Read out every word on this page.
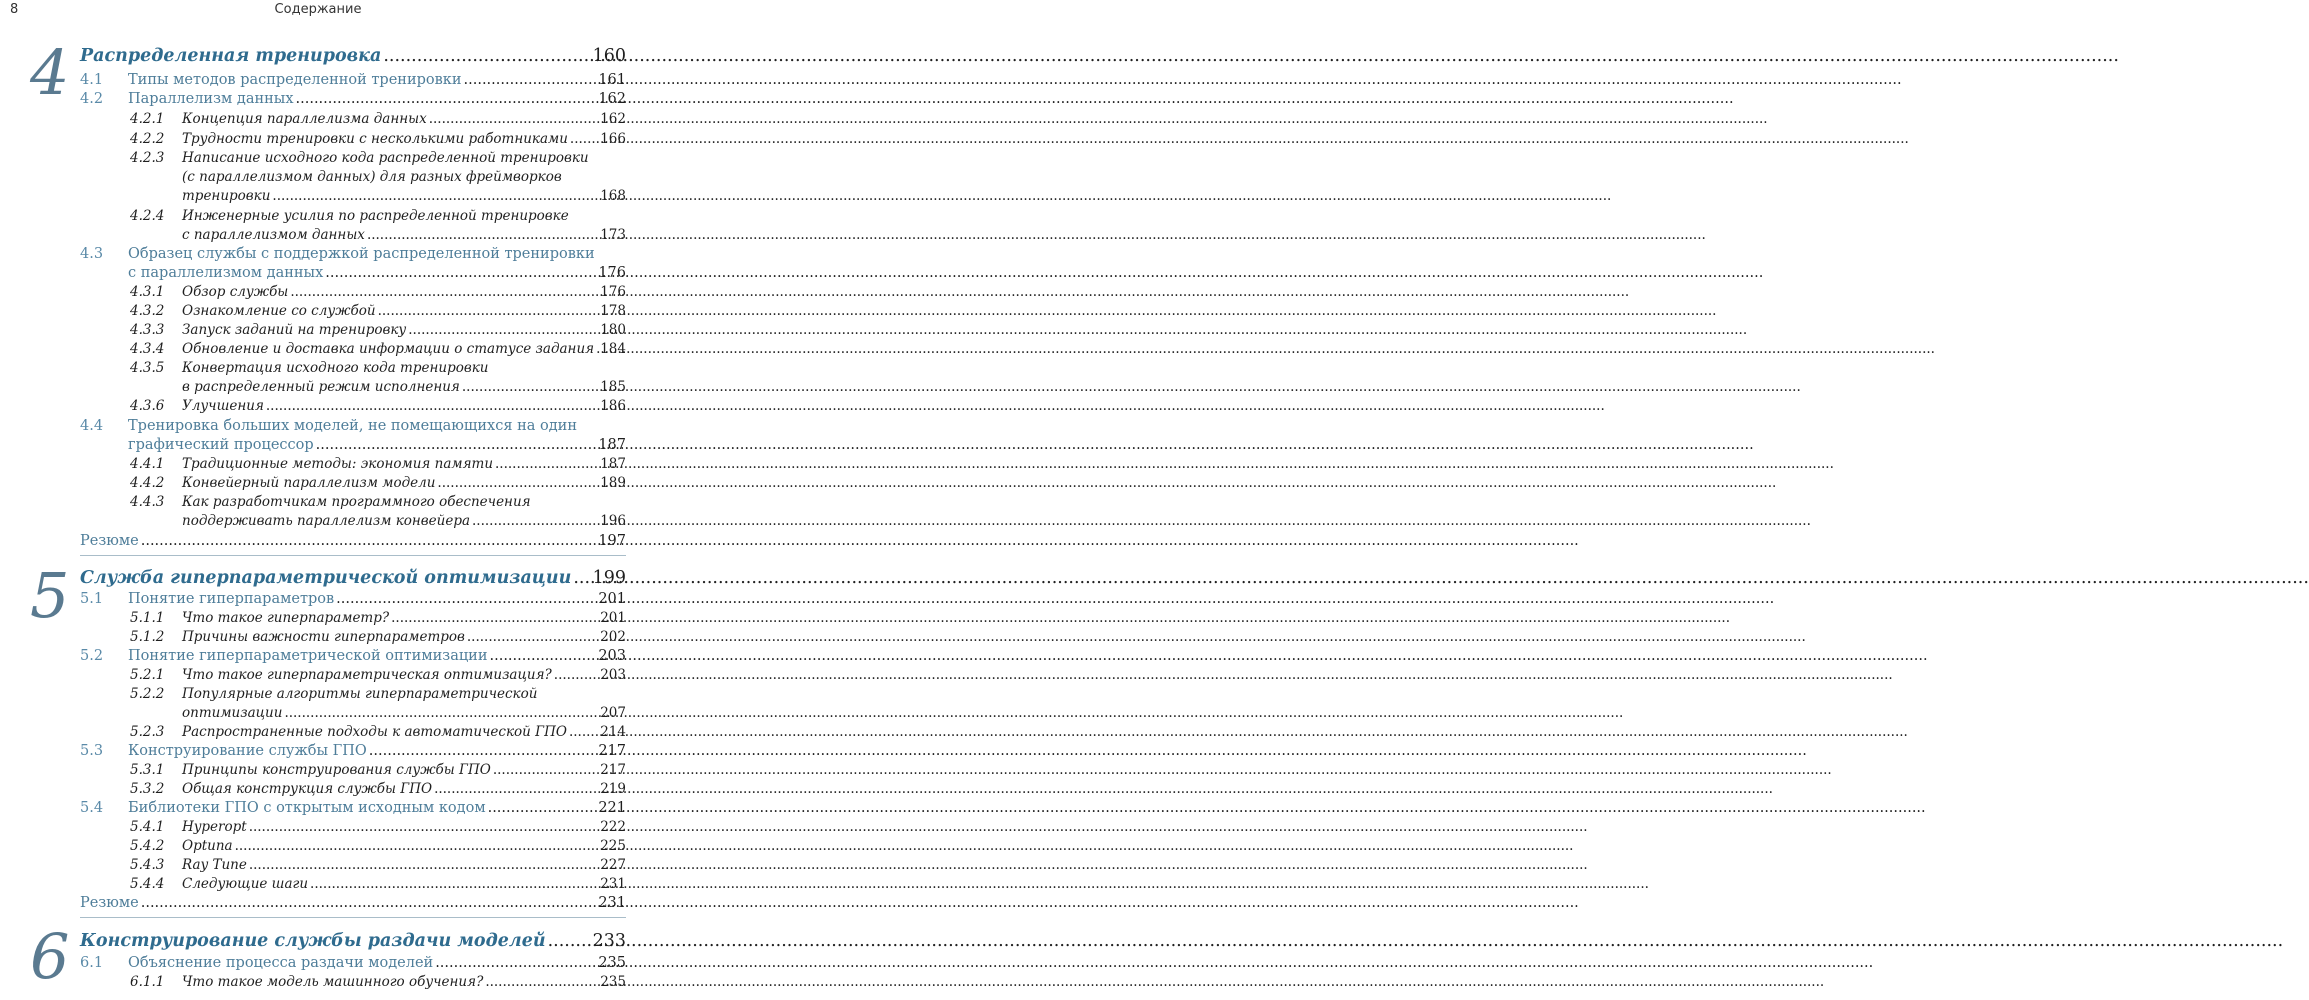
8	Содержание
4 Распределенная тренировка .....	160
4.1 Типы методов распределенной тренировки .....	161
4.2 Параллелизм данных .....	162
4.2.1 Концепция параллелизма данных .....	162
4.2.2 Трудности тренировки с несколькими работниками ..... 166
4.2.3 Написание исходного кода распределенной тренировки
(с параллелизмом данных) для разных фреймворков
тренировки .....	168
4.2.4 Инженерные усилия по распределенной тренировке
с параллелизмом данных .....	173
4.3 Образец службы с поддержкой распределенной тренировки
с параллелизмом данных .....	176
4.3.1 Обзор службы .....	176
4.3.2 Ознакомление со службой .....	178
4.3.3 Запуск заданий на тренировку .....	180
4.3.4 Обновление и доставка информации о статусе задания ..... 184
4.3.5 Конвертация исходного кода тренировки
в распределенный режим исполнения .....	185
4.3.6 Улучшения .....	186
4.4 Тренировка больших моделей, не помещающихся на один
графический процессор .....	187
4.4.1 Традиционные методы: экономия памяти .....	187
4.4.2 Конвейерный параллелизм модели .....	189
4.4.3 Как разработчикам программного обеспечения
поддерживать параллелизм конвейера .....	196
Резюме .....	197
5 Служба гиперпараметрической оптимизации ..... 199
5.1 Понятие гиперпараметров .....	201
5.1.1 Что такое гиперпараметр? .....	201
5.1.2 Причины важности гиперпараметров .....	202
5.2 Понятие гиперпараметрической оптимизации .....	203
5.2.1 Что такое гиперпараметрическая оптимизация? .....	203
5.2.2 Популярные алгоритмы гиперпараметрической
оптимизации .....	207
5.2.3 Распространенные подходы к автоматической ГПО ..... 214
5.3 Конструирование службы ГПО .....	217
5.3.1 Принципы конструирования службы ГПО .....	217
5.3.2 Общая конструкция службы ГПО .....	219
5.4 Библиотеки ГПО с открытым исходным кодом .....	221
5.4.1 Hyperopt .....	222
5.4.2 Optuna .....	225
5.4.3 Ray Tune .....	227
5.4.4 Следующие шаги .....	231
Резюме .....	231
6 Конструирование службы раздачи моделей .....	233
6.1 Объяснение процесса раздачи моделей .....	235
6.1.1 Что такое модель машинного обучения? .....	235
